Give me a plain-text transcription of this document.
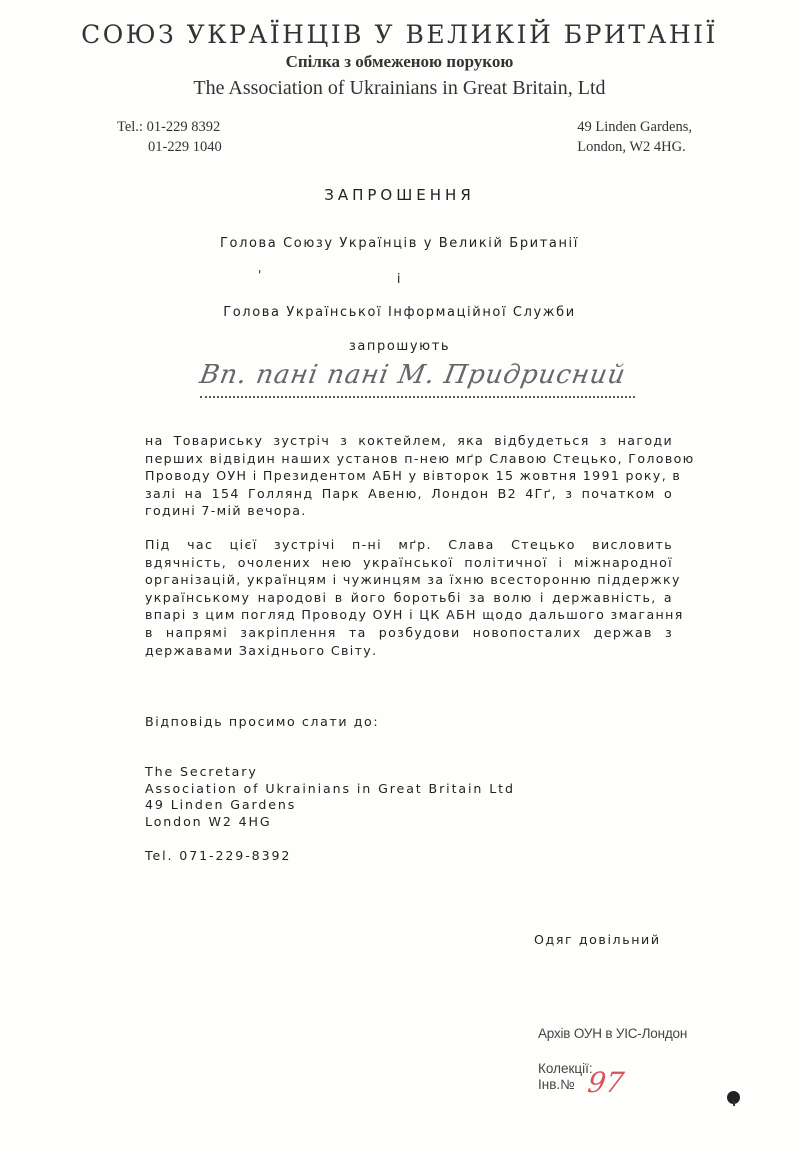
СОЮЗ УКРАЇНЦІВ У ВЕЛИКІЙ БРИТАНІЇ
Спілка з обмеженою порукою
The Association of Ukrainians in Great Britain, Ltd
Tel.: 01-229 8392
01-229 1040
49 Linden Gardens,
London, W2 4HG.
ЗАПРОШЕННЯ
Голова Союзу Українців у Великій Британії
'	і
Голова Української Інформаційної Служби
запрошують
Вп. пані пані М. Придрисний
на Товариську зустріч з коктейлем, яка відбудеться з нагоди
перших відвідин наших установ п-нею мґр Славою Стецько, Головою
Проводу ОУН і Президентом АБН у вівторок 15 жовтня 1991 року, в
залі на 154 Голлянд Парк Авеню, Лондон В2 4Гґ, з початком о
годині 7-мій вечора.
Під час цієї зустрічі п-ні мґр. Слава Стецько висловить
вдячність, очолених нею української політичної і міжнародної
організацій, українцям і чужинцям за їхню всесторонню піддержку
українському народові в його боротьбі за волю і державність, а
впарі з цим погляд Проводу ОУН і ЦК АБН щодо дальшого змагання
в напрямі закріплення та розбудови новопосталих держав з
державами Західнього Світу.
Відповідь просимо слати до:
The Secretary
Association of Ukrainians in Great Britain Ltd
49 Linden Gardens
London W2 4HG
Tel. 071-229-8392
Одяг довільний
Архів ОУН в УІС-Лондон
Колекції:
Інв.№ 97
